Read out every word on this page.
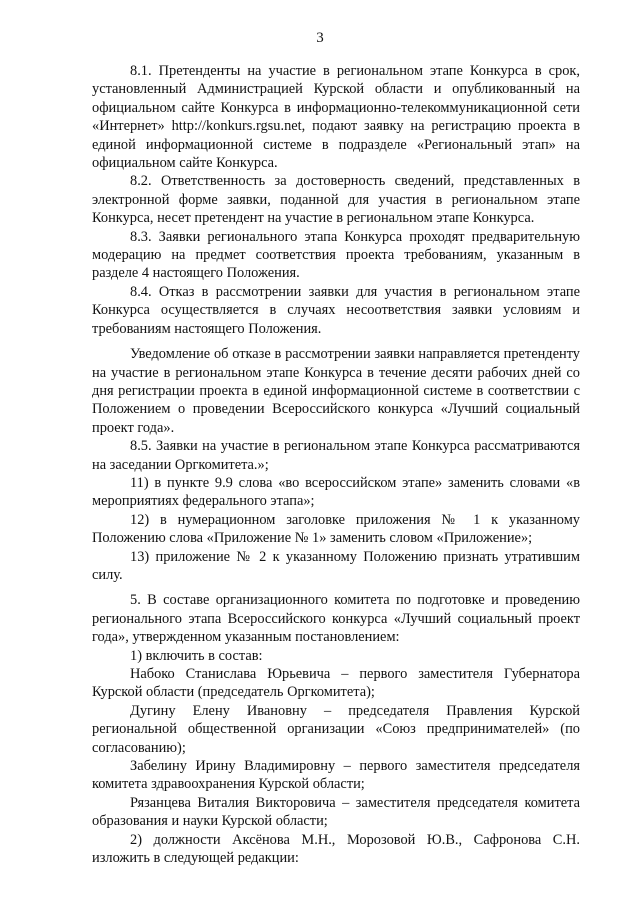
3

8.1. Претенденты на участие в региональном этапе Конкурса в срок, установленный Администрацией Курской области и опубликованный на официальном сайте Конкурса в информационно-телекоммуникационной сети «Интернет» http://konkurs.rgsu.net, подают заявку на регистрацию проекта в единой информационной системе в подразделе «Региональный этап» на официальном сайте Конкурса.

8.2. Ответственность за достоверность сведений, представленных в электронной форме заявки, поданной для участия в региональном этапе Конкурса, несет претендент на участие в региональном этапе Конкурса.

8.3. Заявки регионального этапа Конкурса проходят предварительную модерацию на предмет соответствия проекта требованиям, указанным в разделе 4 настоящего Положения.

8.4. Отказ в рассмотрении заявки для участия в региональном этапе Конкурса осуществляется в случаях несоответствия заявки условиям и требованиям настоящего Положения.

Уведомление об отказе в рассмотрении заявки направляется претенденту на участие в региональном этапе Конкурса в течение десяти рабочих дней со дня регистрации проекта в единой информационной системе в соответствии с Положением о проведении Всероссийского конкурса «Лучший социальный проект года».

8.5. Заявки на участие в региональном этапе Конкурса рассматриваются на заседании Оргкомитета.»;

11) в пункте 9.9 слова «во всероссийском этапе» заменить словами «в мероприятиях федерального этапа»;

12) в нумерационном заголовке приложения № 1 к указанному Положению слова «Приложение № 1» заменить словом «Приложение»;

13) приложение № 2 к указанному Положению признать утратившим силу.

5. В составе организационного комитета по подготовке и проведению регионального этапа Всероссийского конкурса «Лучший социальный проект года», утвержденном указанным постановлением:

1) включить в состав:

Набоко Станислава Юрьевича – первого заместителя Губернатора Курской области (председатель Оргкомитета);

Дугину Елену Ивановну – председателя Правления Курской региональной общественной организации «Союз предпринимателей» (по согласованию);

Забелину Ирину Владимировну – первого заместителя председателя комитета здравоохранения Курской области;

Рязанцева Виталия Викторовича – заместителя председателя комитета образования и науки Курской области;

2) должности Аксёнова М.Н., Морозовой Ю.В., Сафронова С.Н. изложить в следующей редакции:
